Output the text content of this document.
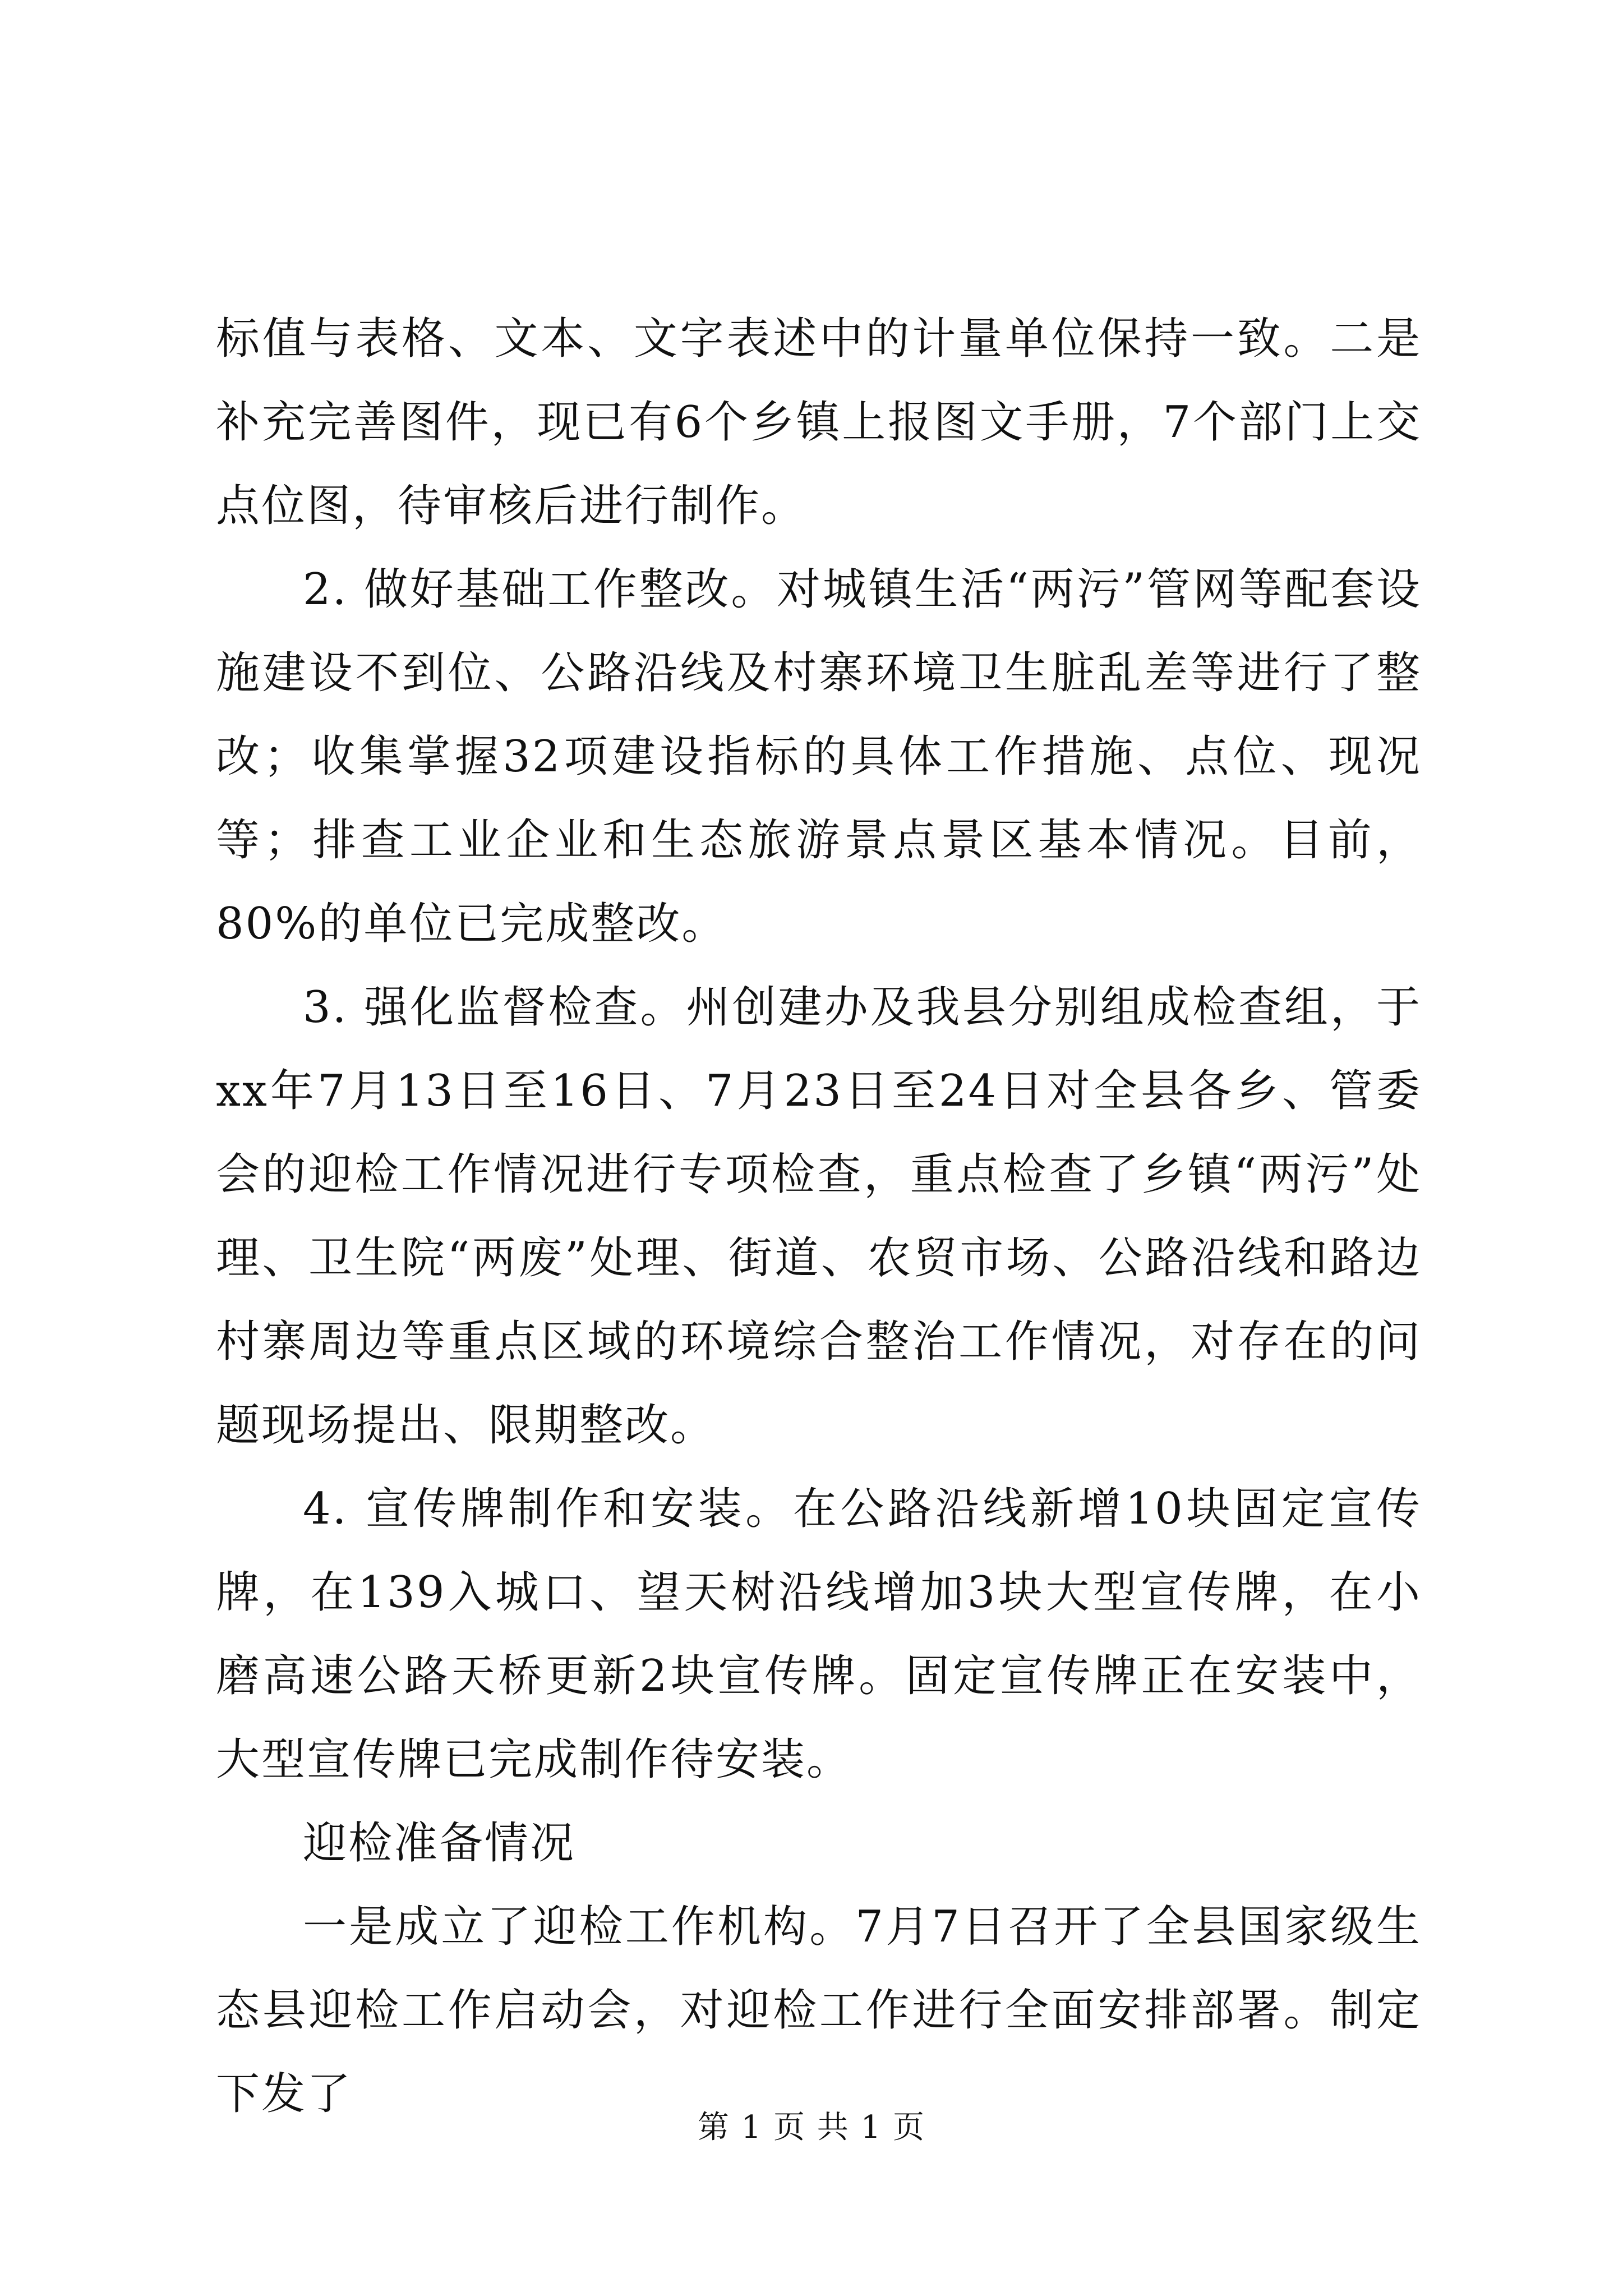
标值与表格、文本、文字表述中的计量单位保持一致。二是补充完善图件，现已有6个乡镇上报图文手册，7个部门上交点位图，待审核后进行制作。

2. 做好基础工作整改。对城镇生活“两污”管网等配套设施建设不到位、公路沿线及村寨环境卫生脏乱差等进行了整改；收集掌握32项建设指标的具体工作措施、点位、现况等；排查工业企业和生态旅游景点景区基本情况。目前，80%的单位已完成整改。

3. 强化监督检查。州创建办及我县分别组成检查组，于xx年7月13日至16日、7月23日至24日对全县各乡、管委会的迎检工作情况进行专项检查，重点检查了乡镇“两污”处理、卫生院“两废”处理、街道、农贸市场、公路沿线和路边村寨周边等重点区域的环境综合整治工作情况，对存在的问题现场提出、限期整改。

4. 宣传牌制作和安装。在公路沿线新增10块固定宣传牌，在139入城口、望天树沿线增加3块大型宣传牌，在小磨高速公路天桥更新2块宣传牌。固定宣传牌正在安装中，大型宣传牌已完成制作待安装。

迎检准备情况

一是成立了迎检工作机构。7月7日召开了全县国家级生态县迎检工作启动会，对迎检工作进行全面安排部署。制定下发了

第 1 页 共 1 页
